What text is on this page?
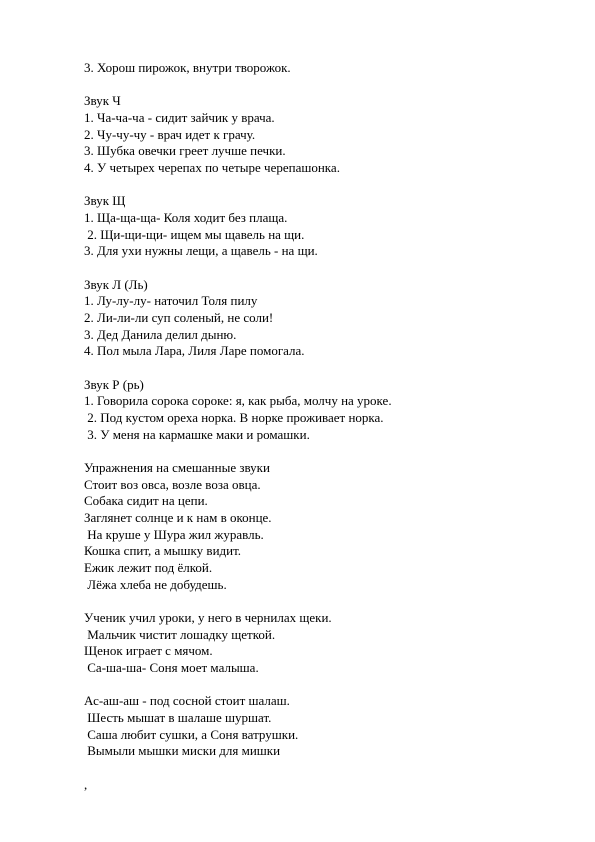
3. Хорош пирожок, внутри творожок.
Звук Ч
1. Ча-ча-ча - сидит зайчик у врача.
2. Чу-чу-чу - врач идет к грачу.
3. Шубка овечки греет лучше печки.
4. У четырех черепах по четыре черепашонка.
Звук Щ
1. Ща-ща-ща- Коля ходит без плаща.
2. Щи-щи-щи- ищем мы щавель на щи.
3. Для ухи нужны лещи, а щавель - на щи.
Звук Л (Ль)
1. Лу-лу-лу- наточил Толя пилу
2. Ли-ли-ли суп соленый, не соли!
3. Дед Данила делил дыню.
4. Пол мыла Лара, Лиля Ларе помогала.
Звук Р (рь)
1. Говорила сорока сороке: я, как рыба, молчу на уроке.
2. Под кустом ореха норка. В норке проживает норка.
3. У меня на кармашке маки и ромашки.
Упражнения на смешанные звуки
Стоит воз овса, возле воза овца.
Собака сидит на цепи.
Заглянет солнце и к нам в оконце.
На круше у Шура жил журавль.
Кошка спит, а мышку видит.
Ежик лежит под ёлкой.
Лёжа хлеба не добудешь.
Ученик учил уроки, у него в чернилах щеки.
Мальчик чистит лошадку щеткой.
Щенок играет с мячом.
Са-ша-ша- Соня моет малыша.
Ас-аш-аш - под сосной стоит шалаш.
Шесть мышат в шалаше шуршат.
Саша любит сушки, а Соня ватрушки.
Вымыли мышки миски для мишки
,
